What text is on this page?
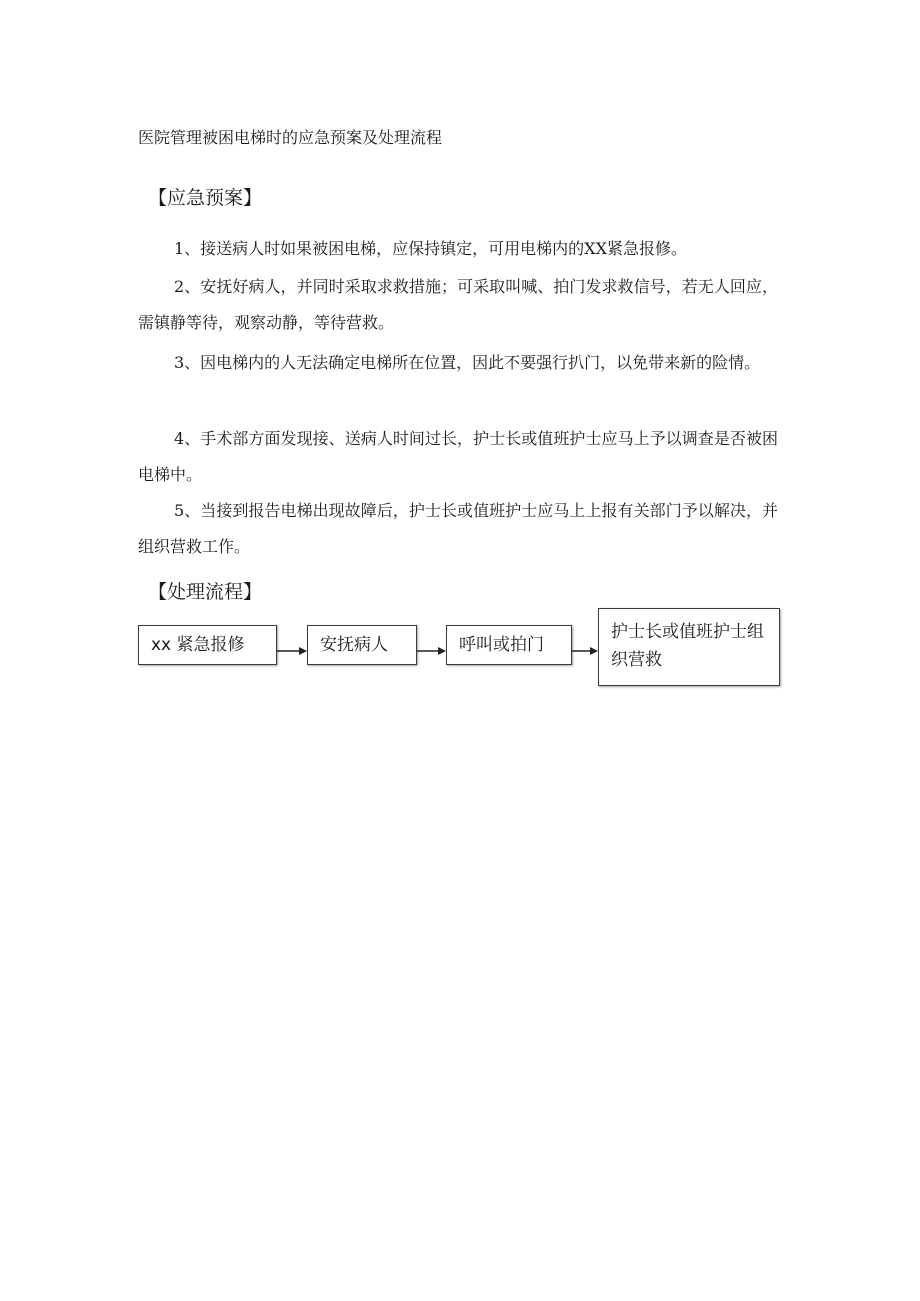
医院管理被困电梯时的应急预案及处理流程
【应急预案】

1、接送病人时如果被困电梯，应保持镇定，可用电梯内的XX紧急报修。

2、安抚好病人，并同时采取求救措施；可采取叫喊、拍门发求救信号，若无人回应，需镇静等待，观察动静，等待营救。

3、因电梯内的人无法确定电梯所在位置，因此不要强行扒门，以免带来新的险情。

4、手术部方面发现接、送病人时间过长，护士长或值班护士应马上予以调查是否被困电梯中。

5、当接到报告电梯出现故障后，护士长或值班护士应马上上报有关部门予以解决，并组织营救工作。

【处理流程】
xx 紧急报修	安抚病人	呼叫或拍门
护士长或值班护士组织营救
